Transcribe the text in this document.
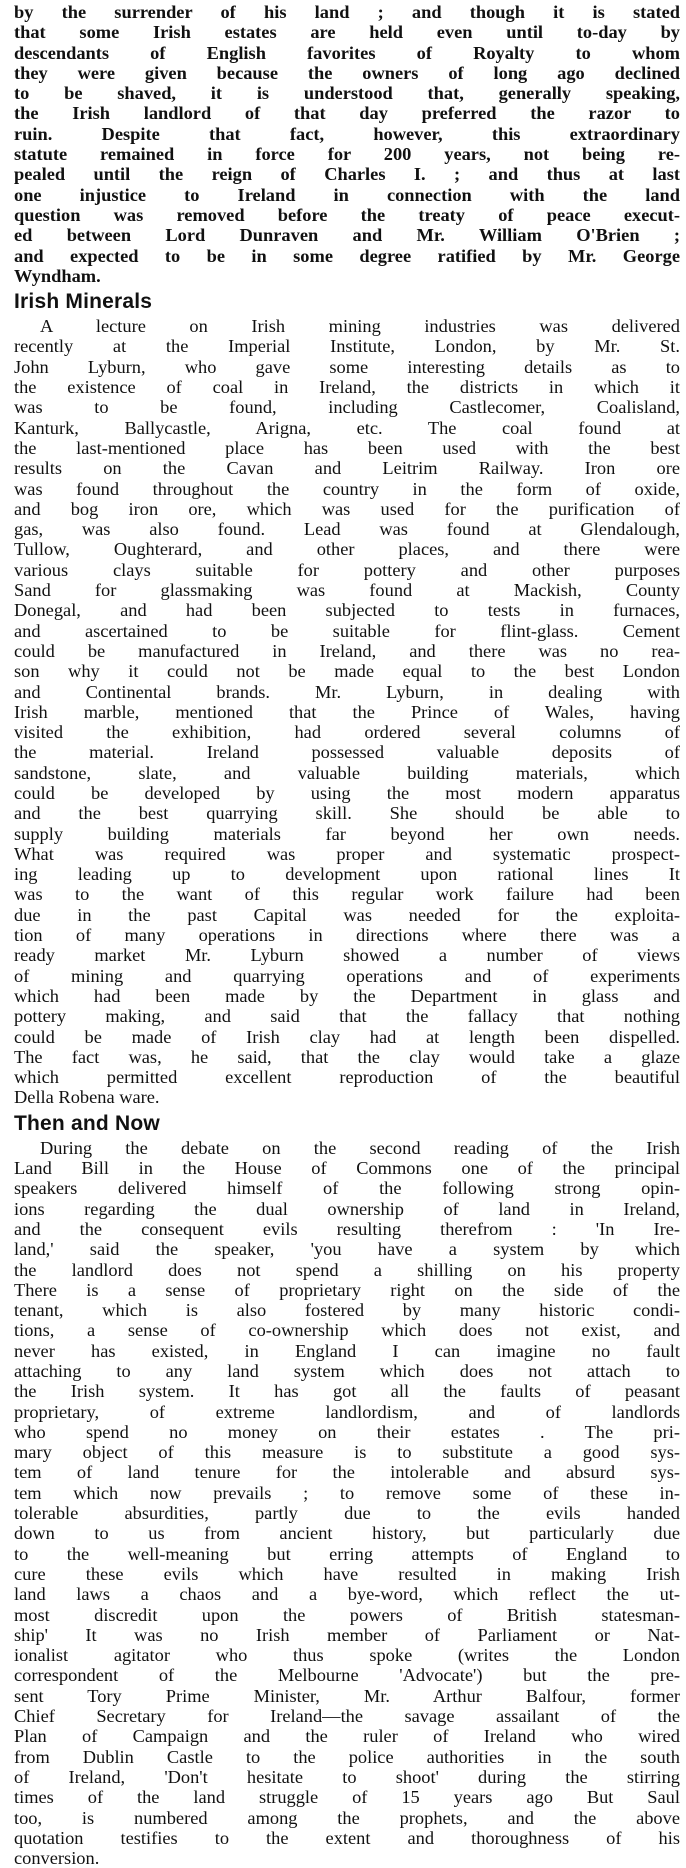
by the surrender of his land ; and though it is stated
that some Irish estates are held even until to-day by
descendants of English favorites of Royalty to whom
they were given because the owners of long ago declined
to be shaved, it is understood that, generally speaking,
the Irish landlord of that day preferred the razor to
ruin. Despite that fact, however, this extraordinary
statute remained in force for 200 years, not being re-
pealed until the reign of Charles I. ; and thus at last
one injustice to Ireland in connection with the land
question was removed before the treaty of peace execut-
ed between Lord Dunraven and Mr. William O'Brien ;
and expected to be in some degree ratified by Mr. George
Wyndham.
Irish Minerals
A lecture on Irish mining industries was delivered
recently at the Imperial Institute, London, by Mr. St.
John Lyburn, who gave some interesting details as to
the existence of coal in Ireland, the districts in which it
was to be found, including Castlecomer, Coalisland,
Kanturk, Ballycastle, Arigna, etc. The coal found at
the last-mentioned place has been used with the best
results on the Cavan and Leitrim Railway. Iron ore
was found throughout the country in the form of oxide,
and bog iron ore, which was used for the purification of
gas, was also found. Lead was found at Glendalough,
Tullow, Oughterard, and other places, and there were
various clays suitable for pottery and other purposes
Sand for glassmaking was found at Mackish, County
Donegal, and had been subjected to tests in furnaces,
and ascertained to be suitable for flint-glass. Cement
could be manufactured in Ireland, and there was no rea-
son why it could not be made equal to the best London
and Continental brands. Mr. Lyburn, in dealing with
Irish marble, mentioned that the Prince of Wales, having
visited the exhibition, had ordered several columns of
the material. Ireland possessed valuable deposits of
sandstone, slate, and valuable building materials, which
could be developed by using the most modern apparatus
and the best quarrying skill. She should be able to
supply building materials far beyond her own needs.
What was required was proper and systematic prospect-
ing leading up to development upon rational lines It
was to the want of this regular work failure had been
due in the past Capital was needed for the exploita-
tion of many operations in directions where there was a
ready market Mr. Lyburn showed a number of views
of mining and quarrying operations and of experiments
which had been made by the Department in glass and
pottery making, and said that the fallacy that nothing
could be made of Irish clay had at length been dispelled.
The fact was, he said, that the clay would take a glaze
which permitted excellent reproduction of the beautiful
Della Robena ware.
Then and Now
During the debate on the second reading of the Irish
Land Bill in the House of Commons one of the principal
speakers delivered himself of the following strong opin-
ions regarding the dual ownership of land in Ireland,
and the consequent evils resulting therefrom : 'In Ire-
land,' said the speaker, 'you have a system by which
the landlord does not spend a shilling on his property
There is a sense of proprietary right on the side of the
tenant, which is also fostered by many historic condi-
tions, a sense of co-ownership which does not exist, and
never has existed, in England I can imagine no fault
attaching to any land system which does not attach to
the Irish system. It has got all the faults of peasant
proprietary, of extreme landlordism, and of landlords
who spend no money on their estates . The pri-
mary object of this measure is to substitute a good sys-
tem of land tenure for the intolerable and absurd sys-
tem which now prevails ; to remove some of these in-
tolerable absurdities, partly due to the evils handed
down to us from ancient history, but particularly due
to the well-meaning but erring attempts of England to
cure these evils which have resulted in making Irish
land laws a chaos and a bye-word, which reflect the ut-
most discredit upon the powers of British statesman-
ship' It was no Irish member of Parliament or Nat-
ionalist agitator who thus spoke (writes the London
correspondent of the Melbourne 'Advocate') but the pre-
sent Tory Prime Minister, Mr. Arthur Balfour, former
Chief Secretary for Ireland—the savage assailant of the
Plan of Campaign and the ruler of Ireland who wired
from Dublin Castle to the police authorities in the south
of Ireland, 'Don't hesitate to shoot' during the stirring
times of the land struggle of 15 years ago But Saul
too, is numbered among the prophets, and the above
quotation testifies to the extent and thoroughness of his
conversion.
